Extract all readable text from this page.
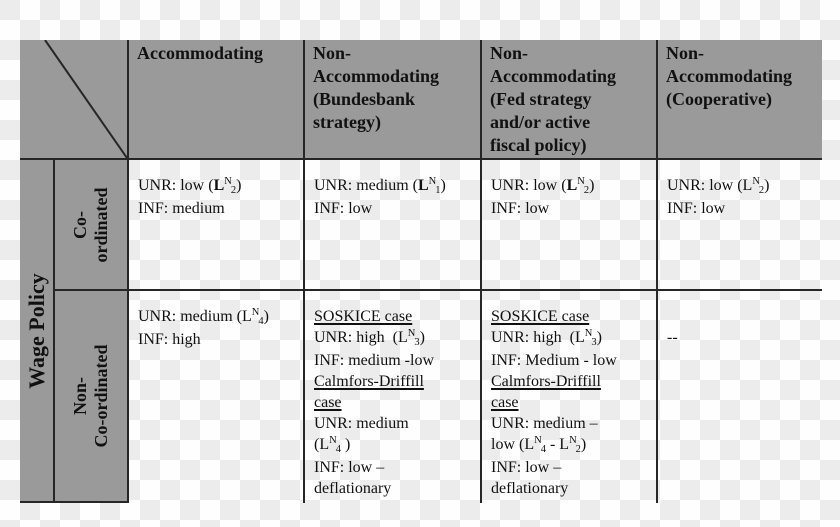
Accommodating	Non-
Accommodating
(Bundesbank
strategy)
Non-
Accommodating
(Fed strategy
and/or active
fiscal policy)
Non-
Accommodating
(Cooperative)
Wage Policy
Co- ordinated
Non- Co-ordinated
UNR: low $(L^N2)$
INF: medium
UNR: medium $(L^N1)$
INF: low
UNR: low $(L^N2)$
INF: low
UNR: low $(L^N2)$
INF: low
UNR: medium $(L^N4)$
INF: high
SOSKICE case
UNR: high  $(L^N3)$
INF: medium -low
Calmfors-Driffill
case
UNR: medium
($L^N4$ )
INF: low –
deflationary
SOSKICE case
UNR: high  $(L^N3)$
INF: Medium - low
Calmfors-Driffill
case
UNR: medium –
low $(L^N4 - L^N2)$
INF: low –
deflationary

--
